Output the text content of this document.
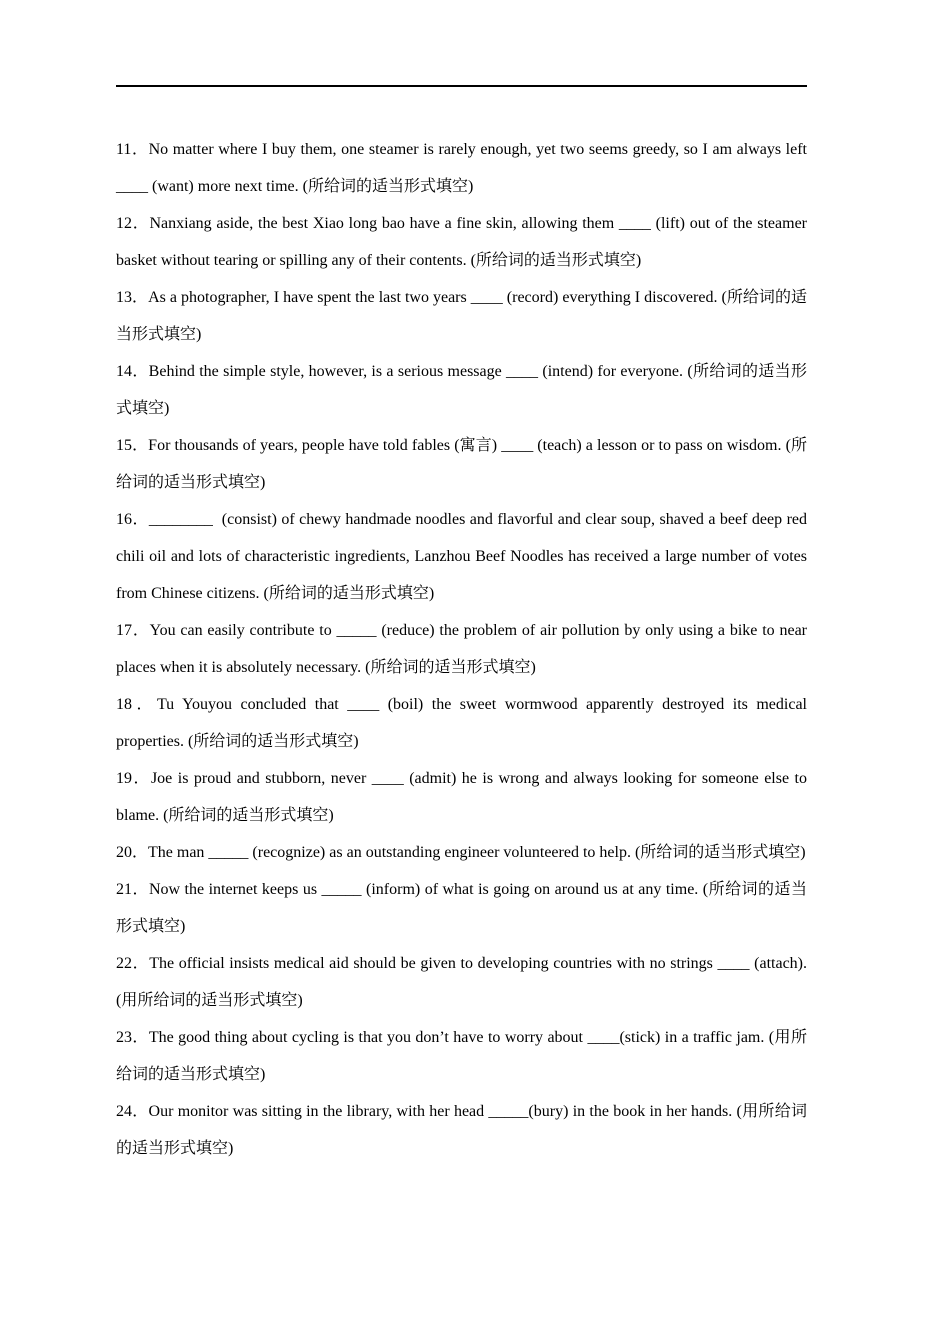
11．No matter where I buy them, one steamer is rarely enough, yet two seems greedy, so I am always left ____ (want) more next time. (所给词的适当形式填空)
12．Nanxiang aside, the best Xiao long bao have a fine skin, allowing them ____ (lift) out of the steamer basket without tearing or spilling any of their contents. (所给词的适当形式填空)
13．As a photographer, I have spent the last two years ____ (record) everything I discovered. (所给词的适当形式填空)
14．Behind the simple style, however, is a serious message ____ (intend) for everyone. (所给词的适当形式填空)
15．For thousands of years, people have told fables (寓言) ____ (teach) a lesson or to pass on wisdom. (所给词的适当形式填空)
16．________  (consist) of chewy handmade noodles and flavorful and clear soup, shaved a beef deep red chili oil and lots of characteristic ingredients, Lanzhou Beef Noodles has received a large number of votes from Chinese citizens. (所给词的适当形式填空)
17．You can easily contribute to _____ (reduce) the problem of air pollution by only using a bike to near places when it is absolutely necessary. (所给词的适当形式填空)
18．Tu Youyou concluded that ____ (boil) the sweet wormwood apparently destroyed its medical properties. (所给词的适当形式填空)
19．Joe is proud and stubborn, never ____ (admit) he is wrong and always looking for someone else to blame. (所给词的适当形式填空)
20．The man _____ (recognize) as an outstanding engineer volunteered to help. (所给词的适当形式填空)
21．Now the internet keeps us _____ (inform) of what is going on around us at any time. (所给词的适当形式填空)
22．The official insists medical aid should be given to developing countries with no strings ____ (attach). (用所给词的适当形式填空)
23．The good thing about cycling is that you don’t have to worry about ____(stick) in a traffic jam. (用所给词的适当形式填空)
24．Our monitor was sitting in the library, with her head _____(bury) in the book in her hands. (用所给词的适当形式填空)
